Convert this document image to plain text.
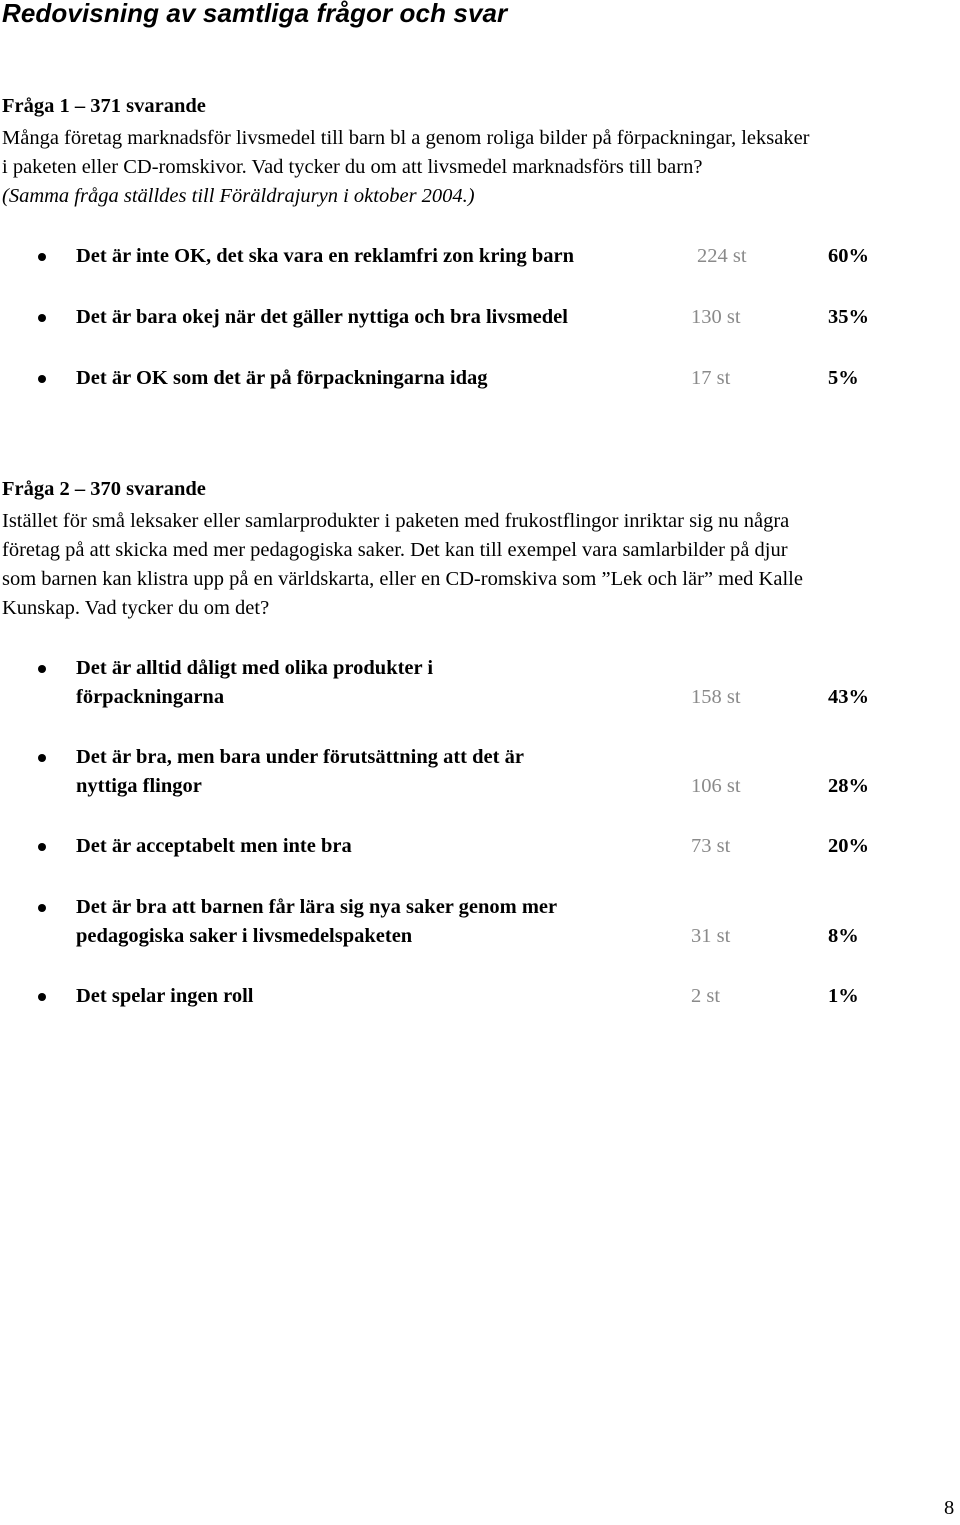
Redovisning av samtliga frågor och svar
Fråga 1 – 371 svarande
Många företag marknadsför livsmedel till barn bl a genom roliga bilder på förpackningar, leksaker
i paketen eller CD-romskivor. Vad tycker du om att livsmedel marknadsförs till barn?
(Samma fråga ställdes till Föräldrajuryn i oktober 2004.)
Det är inte OK, det ska vara en reklamfri zon kring barn	224 st	60%
Det är bara okej när det gäller nyttiga och bra livsmedel	130 st	35%
Det är OK som det är på förpackningarna idag	17 st	5%
Fråga 2 – 370 svarande
Istället för små leksaker eller samlarprodukter i paketen med frukostflingor inriktar sig nu några
företag på att skicka med mer pedagogiska saker. Det kan till exempel vara samlarbilder på djur
som barnen kan klistra upp på en världskarta, eller en CD-romskiva som ”Lek och lär” med Kalle
Kunskap. Vad tycker du om det?
Det är alltid dåligt med olika produkter i
förpackningarna	158 st	43%
Det är bra, men bara under förutsättning att det är
nyttiga flingor	106 st	28%
Det är acceptabelt men inte bra	73 st	20%
Det är bra att barnen får lära sig nya saker genom mer
pedagogiska saker i livsmedelspaketen	31 st	8%
Det spelar ingen roll	2 st	1%
8
